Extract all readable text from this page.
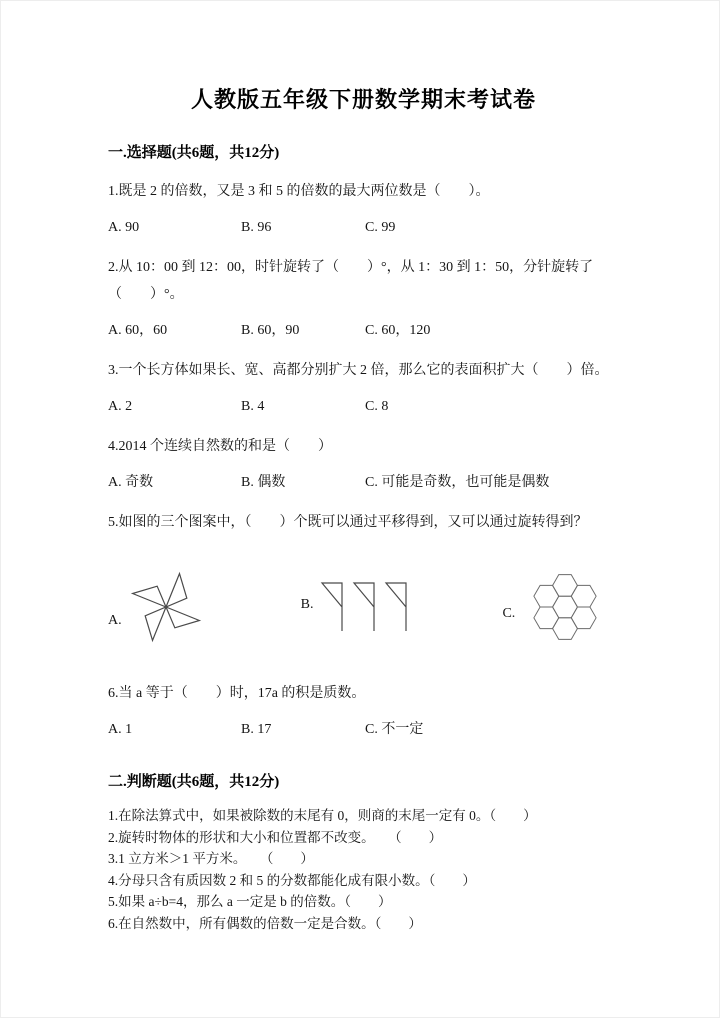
人教版五年级下册数学期末考试卷
一.选择题(共6题，共12分)

1.既是 2 的倍数，又是 3 和 5 的倍数的最大两位数是（　　）。

A. 90	B. 96	C. 99

2.从 10：00 到 12：00，时针旋转了（　　）°，从 1：30 到 1：50，分针旋转了（　　）°。

A. 60，60	B. 60，90	C. 60，120

3.一个长方体如果长、宽、高都分别扩大 2 倍，那么它的表面积扩大（　　）倍。

A. 2	B. 4	C. 8

4.2014 个连续自然数的和是（　　）

A. 奇数	B. 偶数	C. 可能是奇数，也可能是偶数

5.如图的三个图案中，（　　）个既可以通过平移得到，又可以通过旋转得到？

A.
B.
C.

6.当 a 等于（　　）时，17a 的积是质数。

A. 1	B. 17	C. 不一定
二.判断题(共6题，共12分)

1.在除法算式中，如果被除数的末尾有 0，则商的末尾一定有 0。（　　）

2.旋转时物体的形状和大小和位置都不改变。　　（　　）

3.1 立方米＞1 平方米。　　（　　）

4.分母只含有质因数 2 和 5 的分数都能化成有限小数。（　　）

5.如果 a÷b=4，那么 a 一定是 b 的倍数。（　　）

6.在自然数中，所有偶数的倍数一定是合数。（　　）
